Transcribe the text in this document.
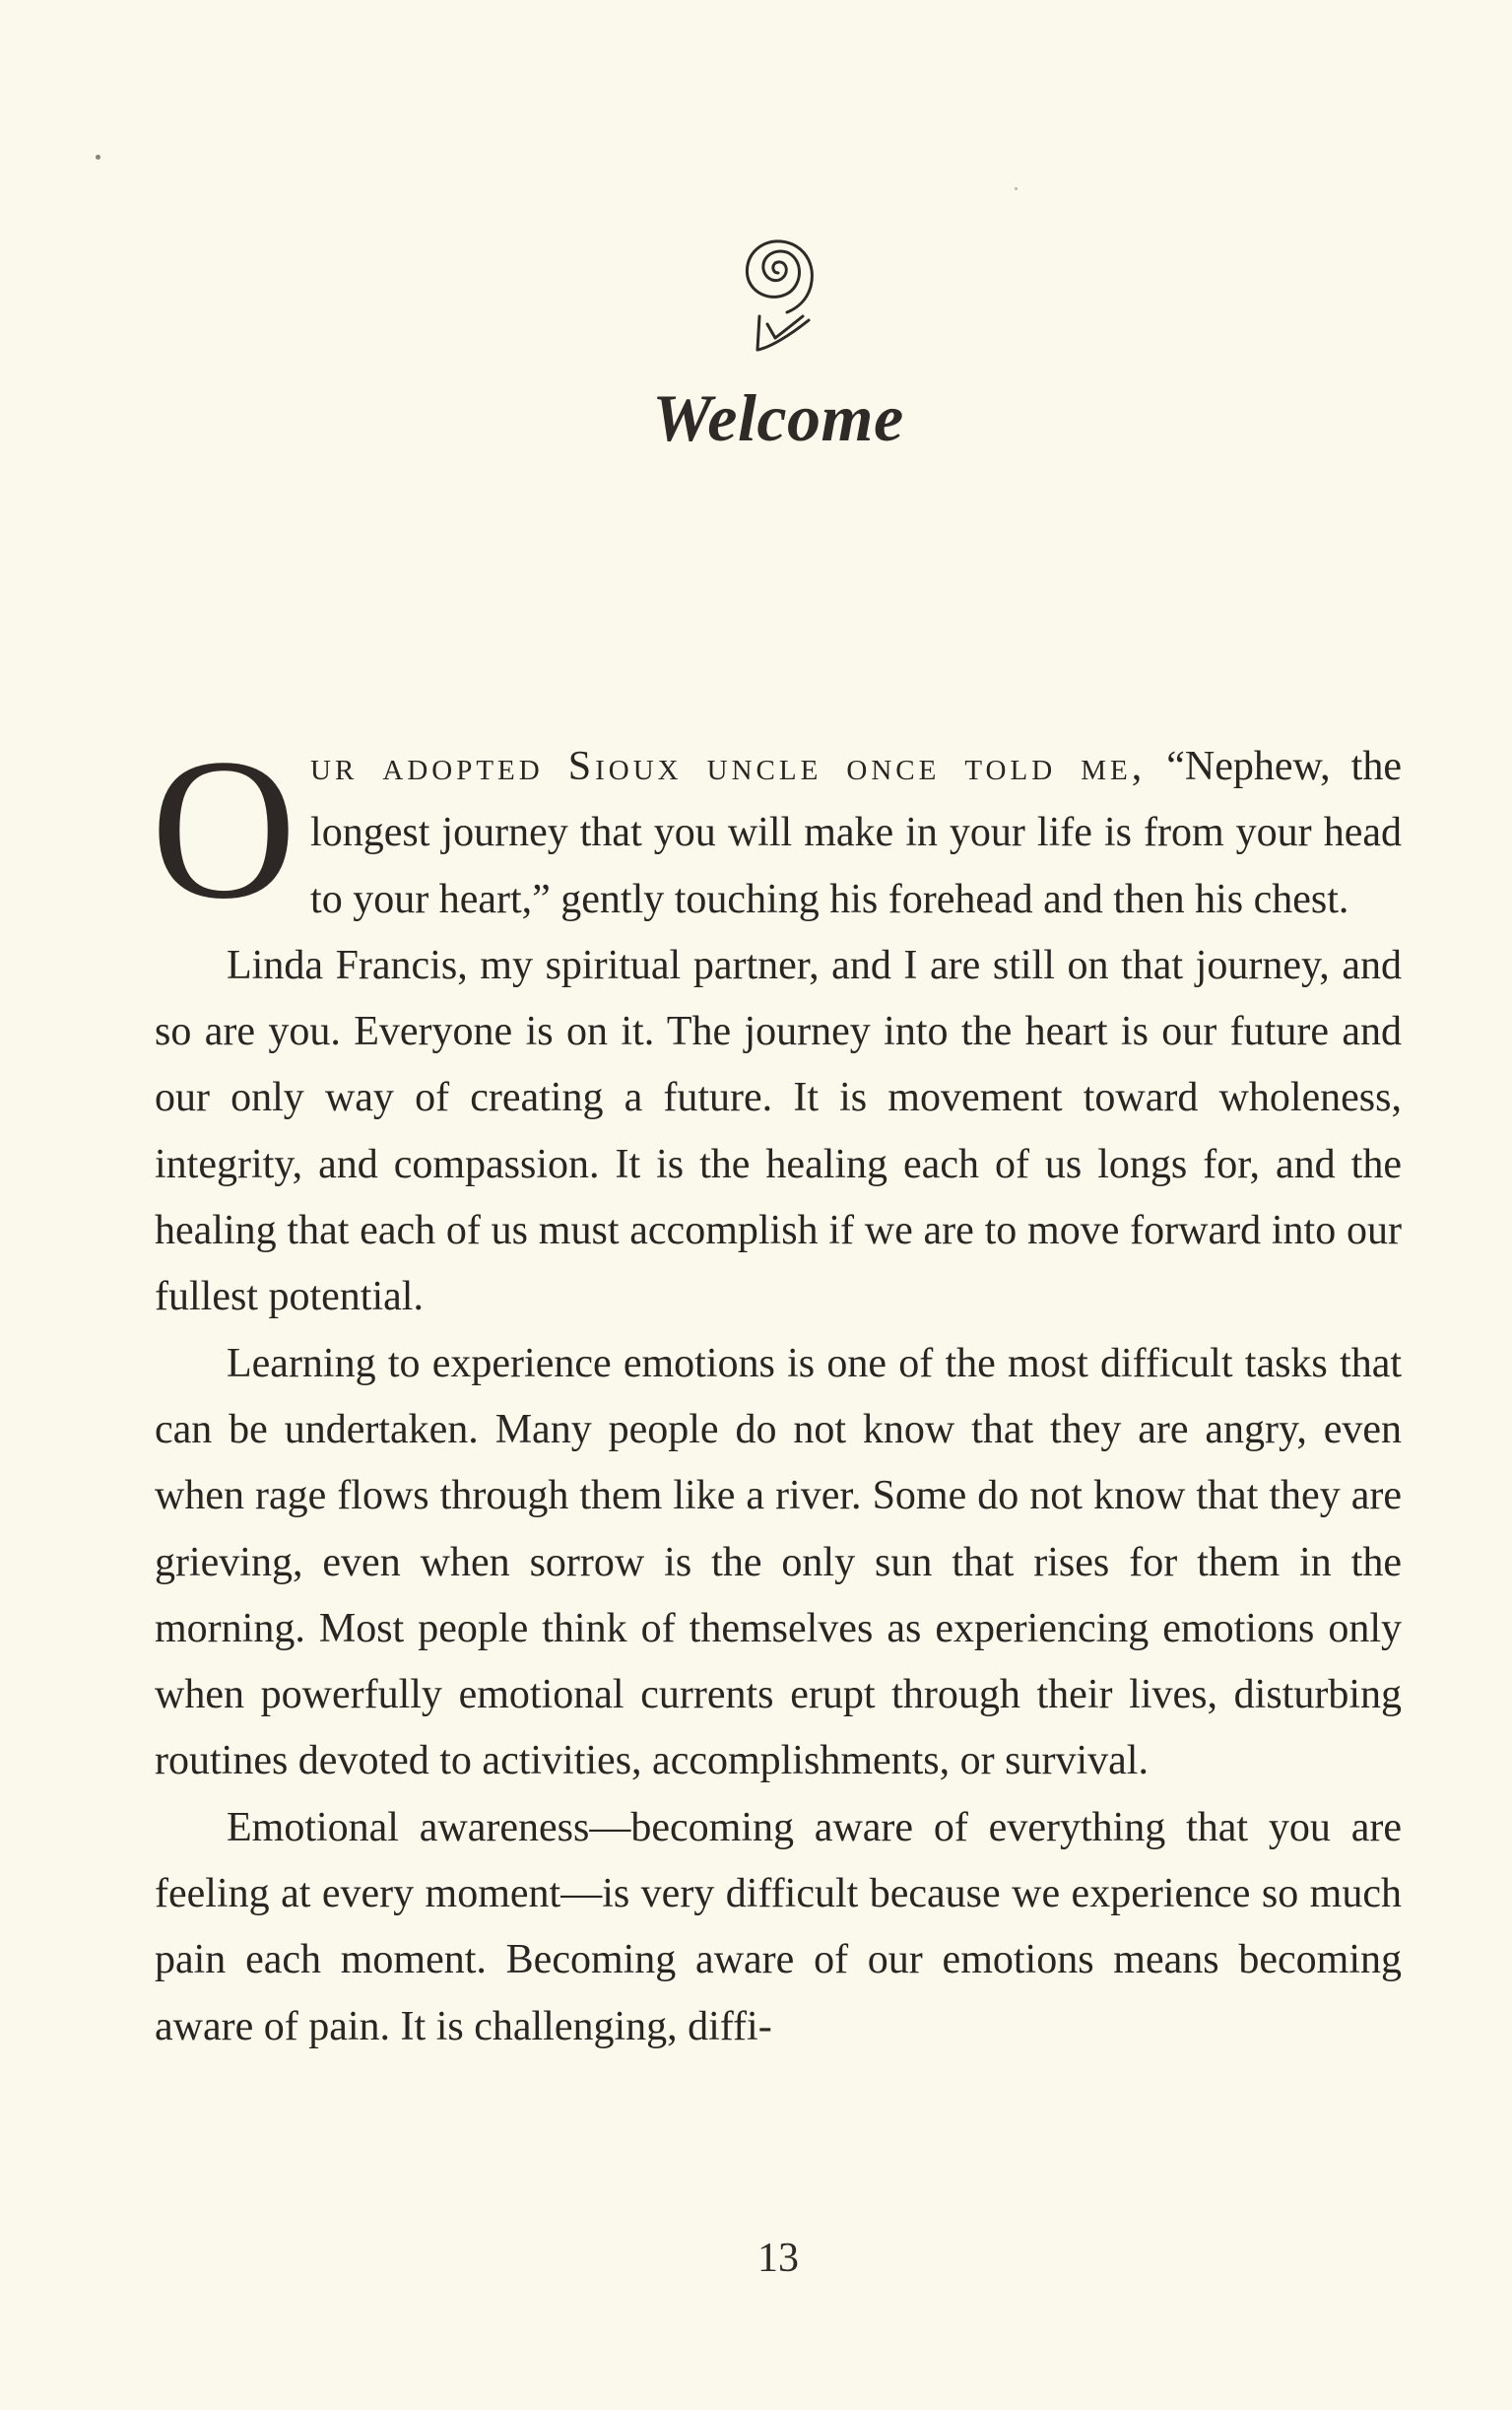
Welcome

Our adopted Sioux uncle once told me, “Nephew, the longest journey that you will make in your life is from your head to your heart,” gently touching his forehead and then his chest.

Linda Francis, my spiritual partner, and I are still on that journey, and so are you. Everyone is on it. The journey into the heart is our future and our only way of creating a future. It is movement toward wholeness, integrity, and compassion. It is the healing each of us longs for, and the healing that each of us must accomplish if we are to move forward into our fullest potential.

Learning to experience emotions is one of the most difficult tasks that can be undertaken. Many people do not know that they are angry, even when rage flows through them like a river. Some do not know that they are grieving, even when sorrow is the only sun that rises for them in the morning. Most people think of themselves as experiencing emotions only when powerfully emotional currents erupt through their lives, disturbing routines devoted to activities, accomplishments, or survival.

Emotional awareness—becoming aware of everything that you are feeling at every moment—is very difficult because we experience so much pain each moment. Becoming aware of our emotions means becoming aware of pain. It is challenging, diffi-

13
